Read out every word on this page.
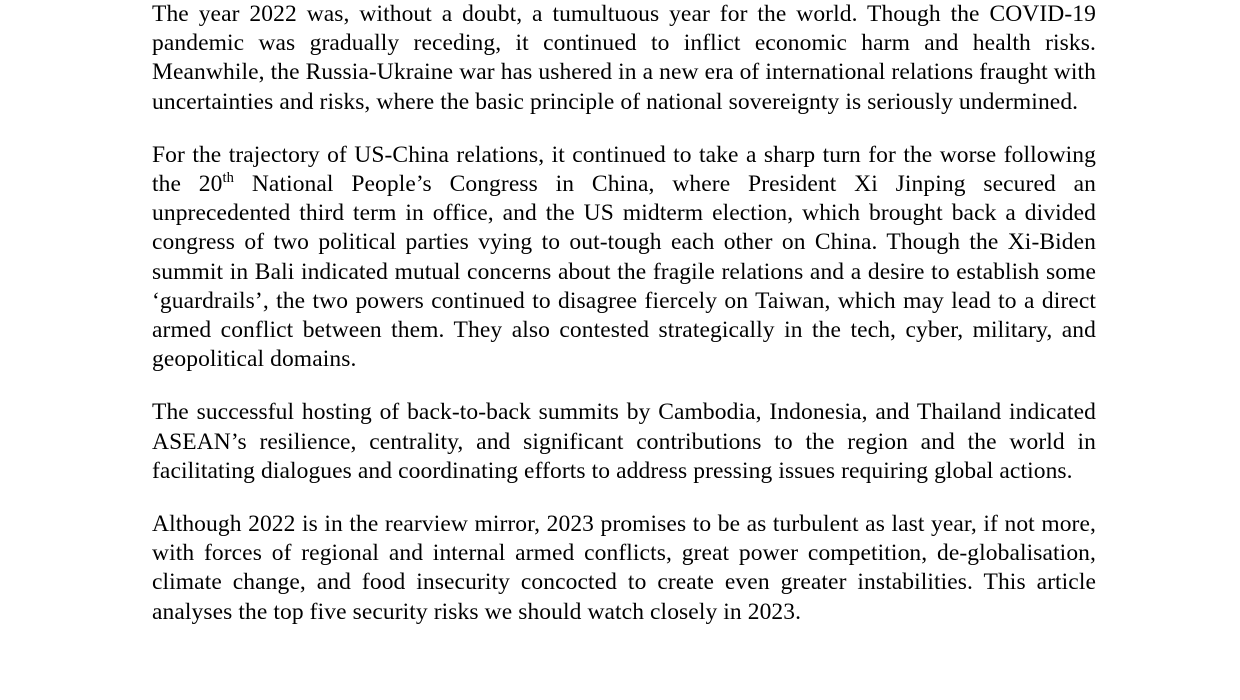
The year 2022 was, without a doubt, a tumultuous year for the world. Though the COVID-19 pandemic was gradually receding, it continued to inflict economic harm and health risks. Meanwhile, the Russia-Ukraine war has ushered in a new era of international relations fraught with uncertainties and risks, where the basic principle of national sovereignty is seriously undermined.

For the trajectory of US-China relations, it continued to take a sharp turn for the worse following the 20th National People’s Congress in China, where President Xi Jinping secured an unprecedented third term in office, and the US midterm election, which brought back a divided congress of two political parties vying to out-tough each other on China. Though the Xi-Biden summit in Bali indicated mutual concerns about the fragile relations and a desire to establish some ‘guardrails’, the two powers continued to disagree fiercely on Taiwan, which may lead to a direct armed conflict between them. They also contested strategically in the tech, cyber, military, and geopolitical domains.

The successful hosting of back-to-back summits by Cambodia, Indonesia, and Thailand indicated ASEAN’s resilience, centrality, and significant contributions to the region and the world in facilitating dialogues and coordinating efforts to address pressing issues requiring global actions.

Although 2022 is in the rearview mirror, 2023 promises to be as turbulent as last year, if not more, with forces of regional and internal armed conflicts, great power competition, de-globalisation, climate change, and food insecurity concocted to create even greater instabilities. This article analyses the top five security risks we should watch closely in 2023.
